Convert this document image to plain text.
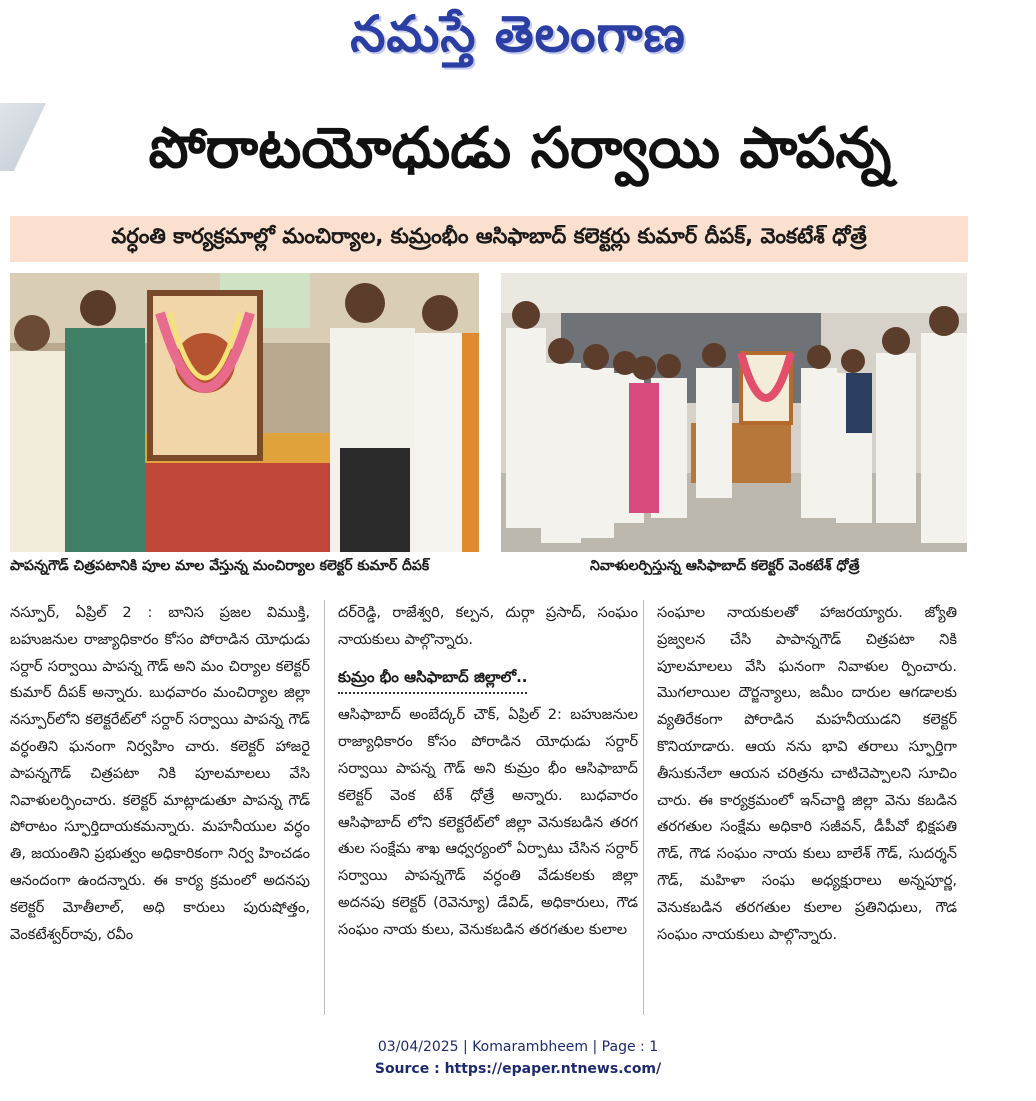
నమస్తే తెలంగాణ
పోరాటయోధుడు సర్వాయి పాపన్న
వర్ధంతి కార్యక్రమాల్లో మంచిర్యాల, కుమ్రంభీం ఆసిఫాబాద్ కలెక్టర్లు కుమార్ దీపక్, వెంకటేశ్ ధోత్రే
పాపన్నగౌడ్ చిత్రపటానికి పూల మాల వేస్తున్న మంచిర్యాల కలెక్టర్ కుమార్ దీపక్	నివాళులర్పిస్తున్న ఆసిఫాబాద్ కలెక్టర్ వెంకటేశ్ ధోత్రే

నస్పూర్, ఏప్రిల్ 2 : బానిస ప్రజల విముక్తి, బహుజనుల రాజ్యాధికారం కోసం పోరాడిన యోధుడు సర్దార్ సర్వాయి పాపన్న గౌడ్ అని మం చిర్యాల కలెక్టర్ కుమార్ దీపక్ అన్నారు. బుధవారం మంచిర్యాల జిల్లా నస్పూర్‌లోని కలెక్టరేట్‌లో సర్దార్ సర్వాయి పాపన్న గౌడ్ వర్ధంతిని ఘనంగా నిర్వహిం చారు. కలెక్టర్ హాజరై పాపన్నగౌడ్ చిత్రపటా నికి పూలమాలలు వేసి నివాళులర్పించారు. కలెక్టర్ మాట్లాడుతూ పాపన్న గౌడ్ పోరాటం స్ఫూర్తిదాయకమన్నారు. మహనీయుల వర్ధం తి, జయంతిని ప్రభుత్వం అధికారికంగా నిర్వ హించడం ఆనందంగా ఉందన్నారు. ఈ కార్య క్రమంలో అదనపు కలెక్టర్ మోతీలాల్, అధి కారులు పురుషోత్తం, వెంకటేశ్వర్‌రావు, రవీం

దర్‌రెడ్డి, రాజేశ్వరి, కల్పన, దుర్గా ప్రసాద్, సంఘం నాయకులు పాల్గొన్నారు.

కుమ్రం భీం ఆసిఫాబాద్ జిల్లాలో..

ఆసిఫాబాద్ అంబేద్కర్ చౌక్, ఏప్రిల్ 2: బహుజనుల రాజ్యాధికారం కోసం పోరాడిన యోధుడు సర్దార్ సర్వాయి పాపన్న గౌడ్ అని కుమ్రం భీం ఆసిఫాబాద్ కలెక్టర్ వెంక టేశ్ ధోత్రే అన్నారు. బుధవారం ఆసిఫాబాద్ లోని కలెక్టరేట్‌లో జిల్లా వెనుకబడిన తరగ తుల సంక్షేమ శాఖ ఆధ్వర్యంలో ఏర్పాటు చేసిన సర్దార్ సర్వాయి పాపన్నగౌడ్ వర్ధంతి వేడుకలకు జిల్లా అదనపు కలెక్టర్ (రెవెన్యూ) డేవిడ్, అధికారులు, గౌడ సంఘం నాయ కులు, వెనుకబడిన తరగతుల కులాల

సంఘాల నాయకులతో హాజరయ్యారు. జ్యోతి ప్రజ్వలన చేసి పాపాన్నగౌడ్ చిత్రపటా నికి పూలమాలలు వేసి ఘనంగా నివాళుల ర్పించారు. మొగలాయిల దౌర్జన్యాలు, జమీం దారుల ఆగడాలకు వ్యతిరేకంగా పోరాడిన మహనీయుడని కలెక్టర్ కొనియాడారు. ఆయ నను భావి తరాలు స్ఫూర్తిగా తీసుకునేలా ఆయన చరిత్రను చాటిచెప్పాలని సూచిం చారు. ఈ కార్యక్రమంలో ఇన్‌చార్జి జిల్లా వెను కబడిన తరగతుల సంక్షేమ అధికారి సజీవన్, డీపీవో భిక్షపతి గౌడ్, గౌడ సంఘం నాయ కులు బాలేశ్ గౌడ్, సుదర్శన్ గౌడ్, మహిళా సంఘ అధ్యక్షురాలు అన్నపూర్ణ, వెనుకబడిన తరగతుల కులాల ప్రతినిధులు, గౌడ సంఘం నాయకులు పాల్గొన్నారు.

03/04/2025 | Komarambheem | Page : 1
Source : https://epaper.ntnews.com/
